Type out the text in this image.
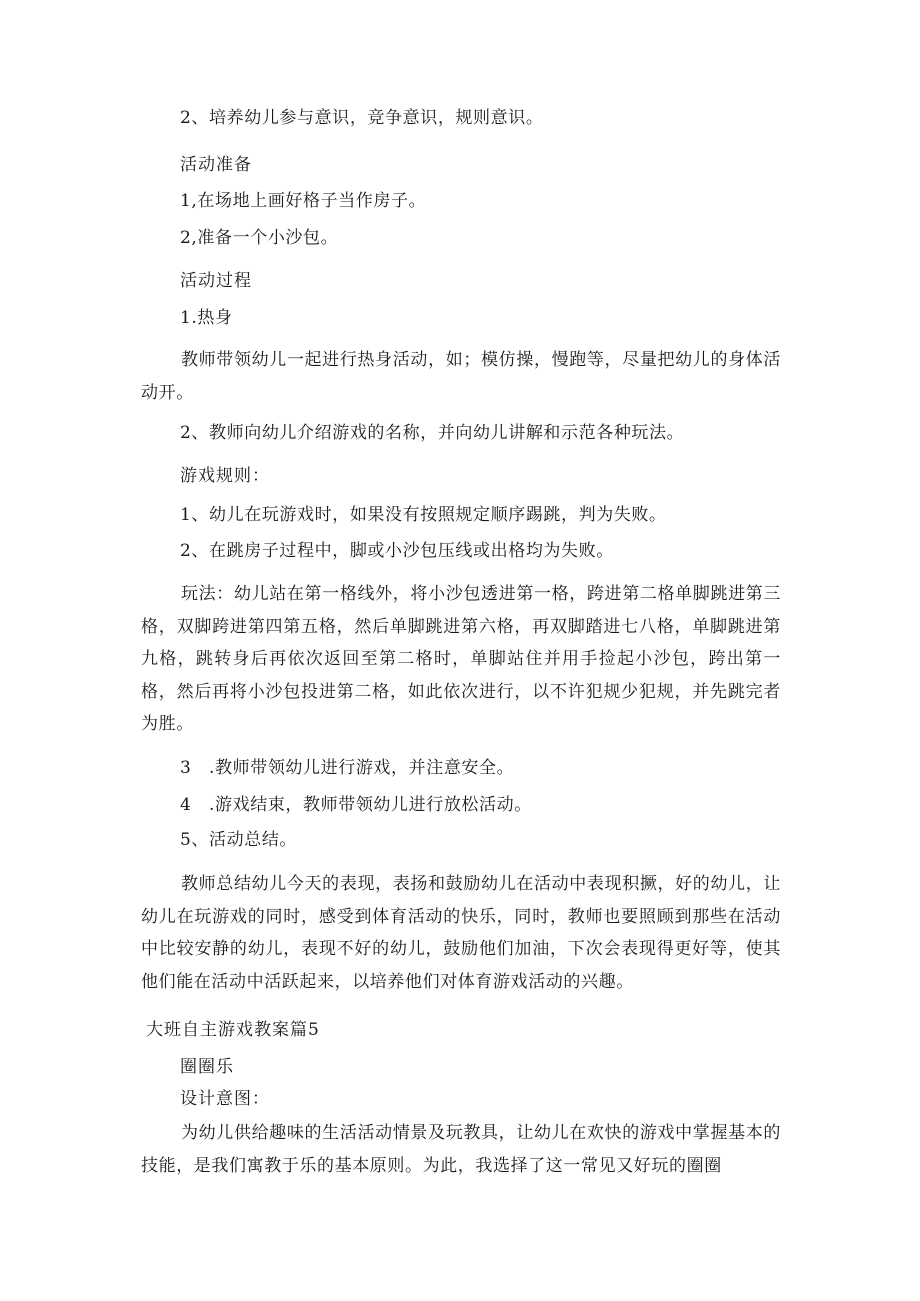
2、培养幼儿参与意识，竞争意识，规则意识。
活动准备
1,在场地上画好格子当作房子。
2,准备一个小沙包。
活动过程
1.热身
教师带领幼儿一起进行热身活动，如；模仿操，慢跑等，尽量把幼儿的身体活动开。
2、教师向幼儿介绍游戏的名称，并向幼儿讲解和示范各种玩法。
游戏规则：
1、幼儿在玩游戏时，如果没有按照规定顺序踢跳，判为失败。
2、在跳房子过程中，脚或小沙包压线或出格均为失败。
玩法：幼儿站在第一格线外，将小沙包透进第一格，跨进第二格单脚跳进第三格，双脚跨进第四第五格，然后单脚跳进第六格，再双脚踏进七八格，单脚跳进第九格，跳转身后再依次返回至第二格时，单脚站住并用手捡起小沙包，跨出第一格，然后再将小沙包投进第二格，如此依次进行，以不许犯规少犯规，并先跳完者为胜。
3　.教师带领幼儿进行游戏，并注意安全。
4　.游戏结束，教师带领幼儿进行放松活动。
5、活动总结。
教师总结幼儿今天的表现，表扬和鼓励幼儿在活动中表现积撅，好的幼儿，让幼儿在玩游戏的同时，感受到体育活动的快乐，同时，教师也要照顾到那些在活动中比较安静的幼儿，表现不好的幼儿，鼓励他们加油，下次会表现得更好等，使其他们能在活动中活跃起来，以培养他们对体育游戏活动的兴趣。
大班自主游戏教案篇5
圈圈乐
设计意图：
为幼儿供给趣味的生活活动情景及玩教具，让幼儿在欢快的游戏中掌握基本的技能，是我们寓教于乐的基本原则。为此，我选择了这一常见又好玩的圈圈
